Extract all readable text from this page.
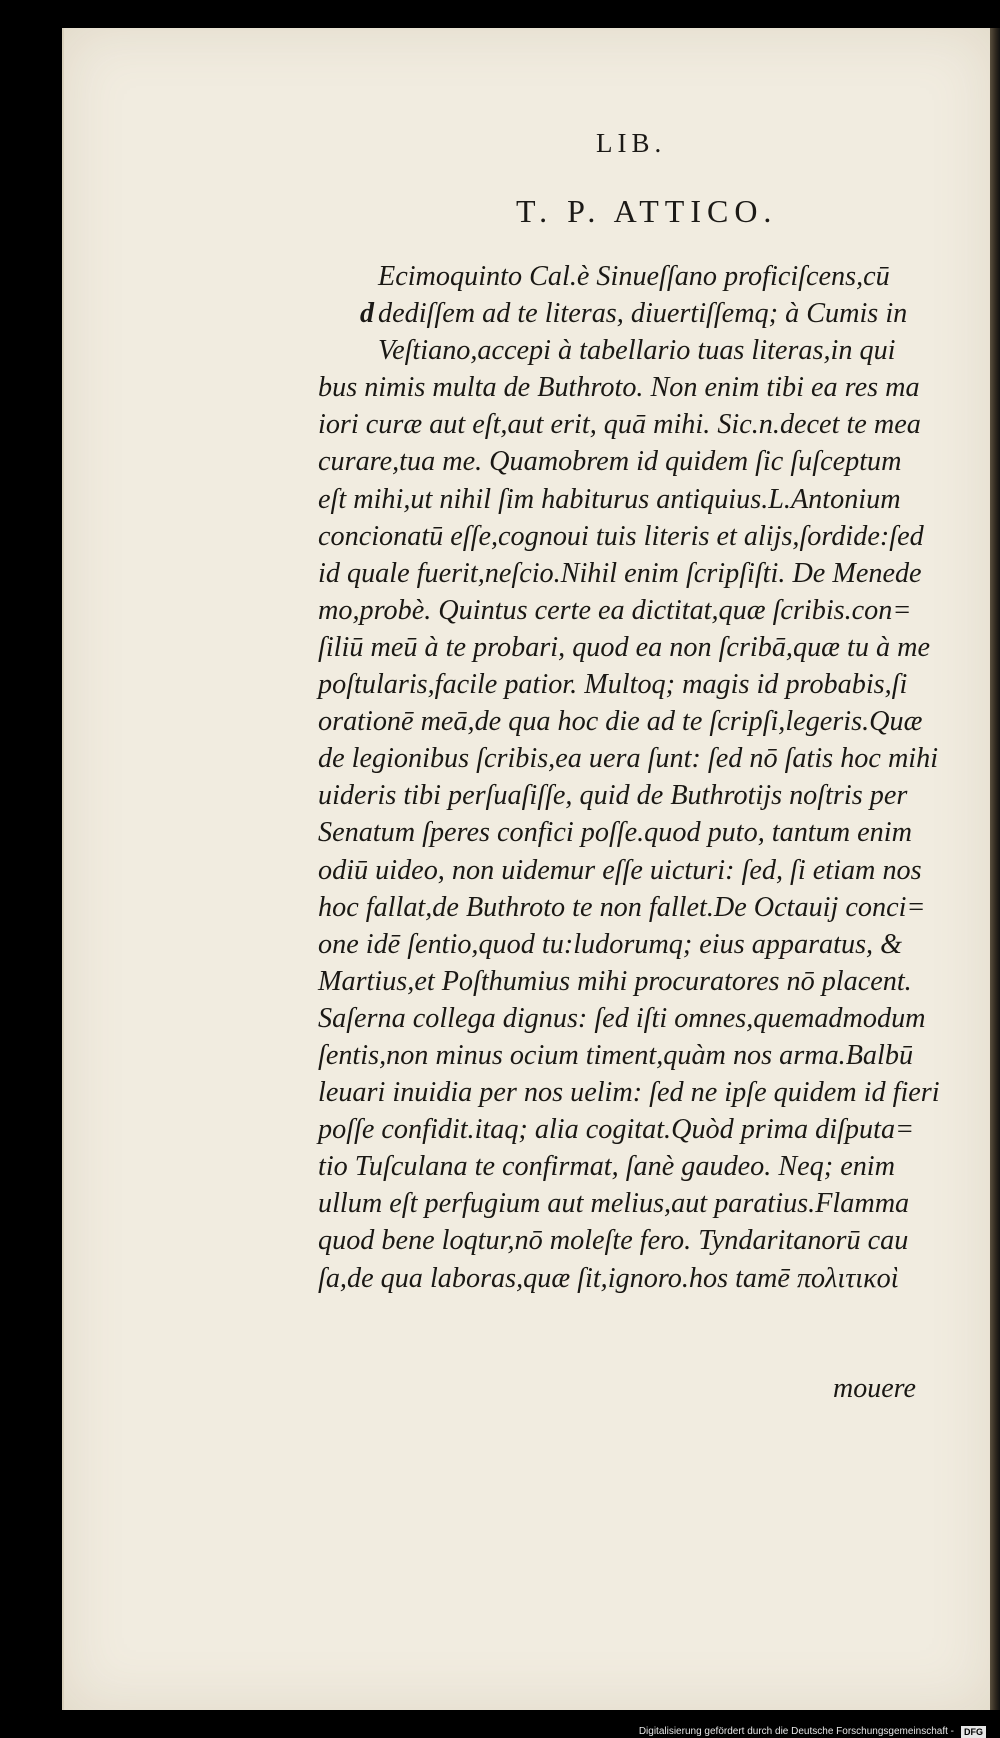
LIB.
T. P. ATTICO.
d
Ecimoquinto Cal.è Sinueſſano proficiſcens,cū
dediſſem ad te literas, diuertiſſemq; à Cumis in
Veſtiano,accepi à tabellario tuas literas,in qui
bus nimis multa de Buthroto. Non enim tibi ea res ma
iori curæ aut eſt,aut erit, quā mihi. Sic.n.decet te mea
curare,tua me. Quamobrem id quidem ſic ſuſceptum
eſt mihi,ut nihil ſim habiturus antiquius.L.Antonium
concionatū eſſe,cognoui tuis literis et alijs,ſordide:ſed
id quale fuerit,neſcio.Nihil enim ſcripſiſti. De Menede
mo,probè. Quintus certe ea dictitat,quæ ſcribis.con=
ſiliū meū à te probari, quod ea non ſcribā,quæ tu à me
poſtularis,facile patior. Multoq; magis id probabis,ſi
orationē meā,de qua hoc die ad te ſcripſi,legeris.Quæ
de legionibus ſcribis,ea uera ſunt: ſed nō ſatis hoc mihi
uideris tibi perſuaſiſſe, quid de Buthrotijs noſtris per
Senatum ſperes confici poſſe.quod puto, tantum enim
odiū uideo, non uidemur eſſe uicturi: ſed, ſi etiam nos
hoc fallat,de Buthroto te non fallet.De Octauij conci=
one idē ſentio,quod tu:ludorumq; eius apparatus, &
Martius,et Poſthumius mihi procuratores nō placent.
Saſerna collega dignus: ſed iſti omnes,quemadmodum
ſentis,non minus ocium timent,quàm nos arma.Balbū
leuari inuidia per nos uelim: ſed ne ipſe quidem id fieri
poſſe confidit.itaq; alia cogitat.Quòd prima diſputa=
tio Tuſculana te confirmat, ſanè gaudeo. Neq; enim
ullum eſt perfugium aut melius,aut paratius.Flamma
quod bene loqtur,nō moleſte fero. Tyndaritanorū cau
ſa,de qua laboras,quæ ſit,ignoro.hos tamē πολιτικοὶ
mouere
Digitalisierung gefördert durch die Deutsche Forschungsgemeinschaft -	DFG
